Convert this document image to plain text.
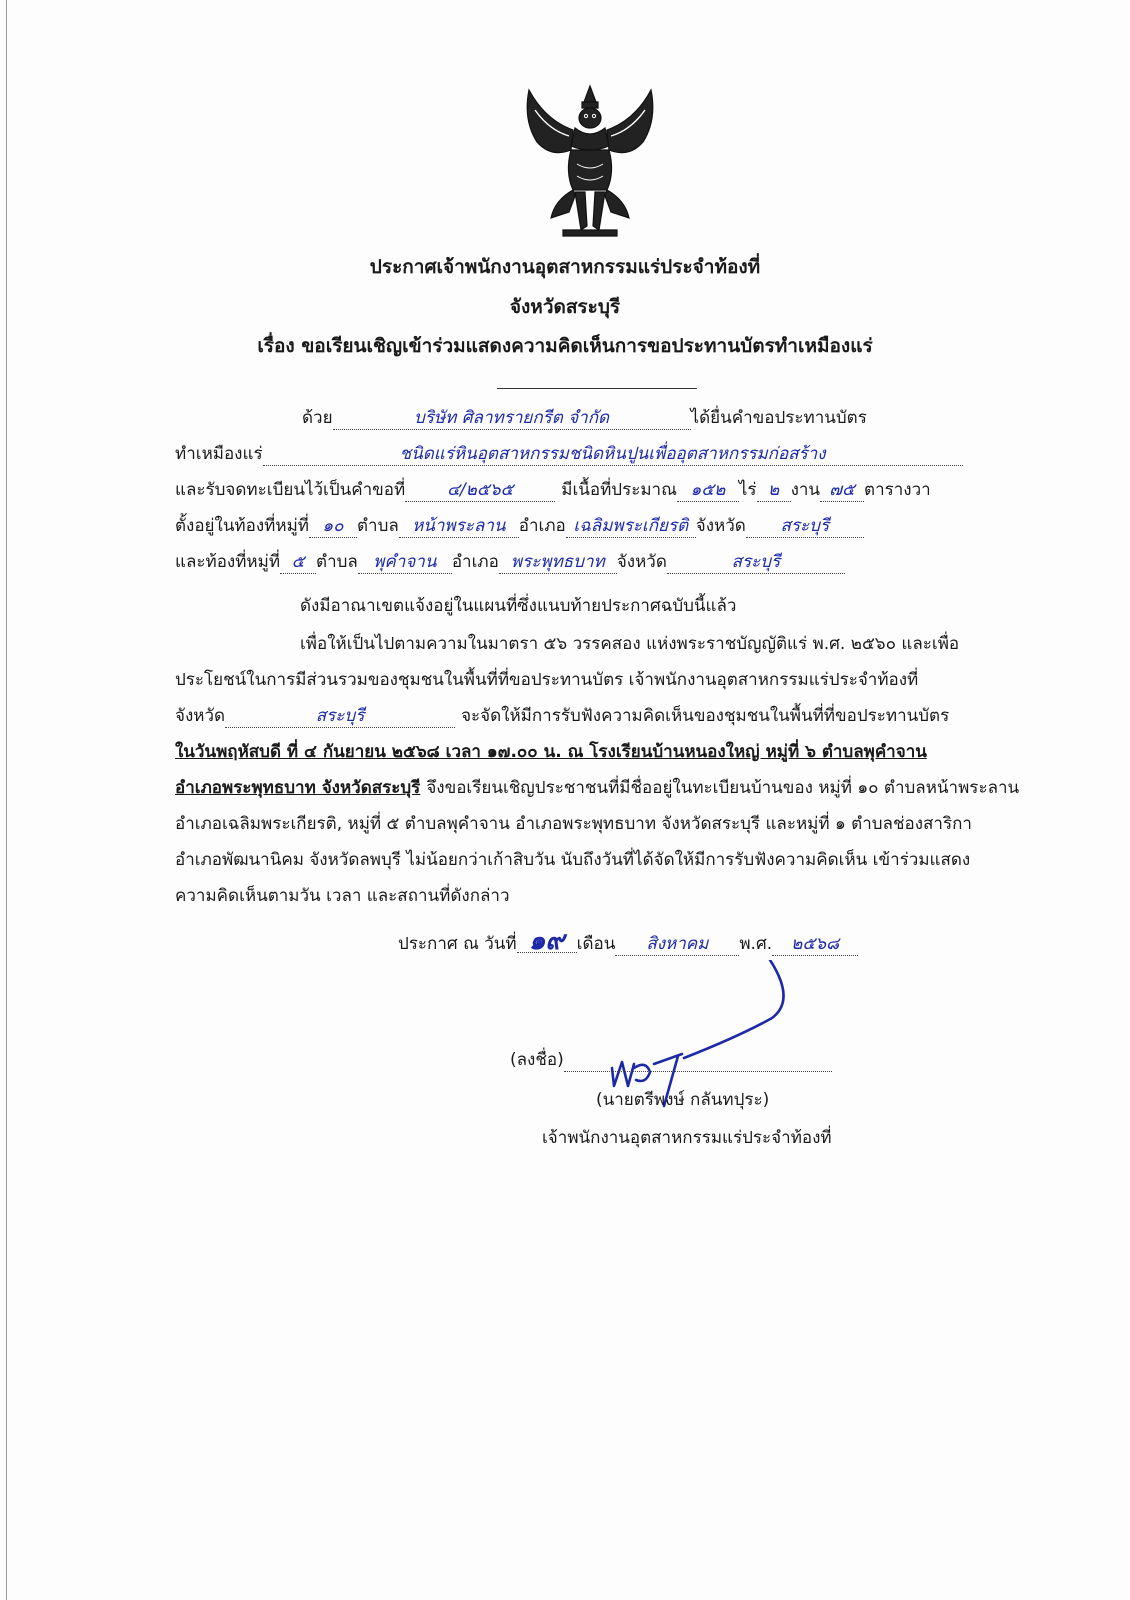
ประกาศเจ้าพนักงานอุตสาหกรรมแร่ประจำท้องที่
จังหวัดสระบุรี
เรื่อง ขอเรียนเชิญเข้าร่วมแสดงความคิดเห็นการขอประทานบัตรทำเหมืองแร่
ด้วย	บริษัท ศิลาทรายกรีต จำกัด	ได้ยื่นคำขอประทานบัตร
ทำเหมืองแร่	ชนิดแร่หินอุตสาหกรรมชนิดหินปูนเพื่ออุตสาหกรรมก่อสร้าง
และรับจดทะเบียนไว้เป็นคำขอที่ ๔/๒๕๖๕	มีเนื้อที่ประมาณ ๑๕๒ ไร่ ๒ งาน ๗๕ ตารางวา
ตั้งอยู่ในท้องที่หมู่ที่ ๑๐ ตำบล หน้าพระลาน อำเภอ เฉลิมพระเกียรติ จังหวัด สระบุรี
และท้องที่หมู่ที่ ๕ ตำบล พุคำจาน อำเภอ พระพุทธบาท จังหวัด	สระบุรี
ดังมีอาณาเขตแจ้งอยู่ในแผนที่ซึ่งแนบท้ายประกาศฉบับนี้แล้ว
เพื่อให้เป็นไปตามความในมาตรา ๕๖ วรรคสอง แห่งพระราชบัญญัติแร่ พ.ศ. ๒๕๖๐ และเพื่อ
ประโยชน์ในการมีส่วนรวมของชุมชนในพื้นที่ที่ขอประทานบัตร เจ้าพนักงานอุตสาหกรรมแร่ประจำท้องที่
จังหวัด	สระบุรี	จะจัดให้มีการรับฟังความคิดเห็นของชุมชนในพื้นที่ที่ขอประทานบัตร
ในวันพฤหัสบดี ที่ ๔ กันยายน ๒๕๖๘ เวลา ๑๗.๐๐ น. ณ โรงเรียนบ้านหนองใหญ่ หมู่ที่ ๖ ตำบลพุคำจาน
อำเภอพระพุทธบาท จังหวัดสระบุรี จึงขอเรียนเชิญประชาชนที่มีชื่ออยู่ในทะเบียนบ้านของ หมู่ที่ ๑๐ ตำบลหน้าพระลาน
อำเภอเฉลิมพระเกียรติ, หมู่ที่ ๕ ตำบลพุคำจาน อำเภอพระพุทธบาท จังหวัดสระบุรี และหมู่ที่ ๑ ตำบลช่องสาริกา
อำเภอพัฒนานิคม จังหวัดลพบุรี ไม่น้อยกว่าเก้าสิบวัน นับถึงวันที่ได้จัดให้มีการรับฟังความคิดเห็น เข้าร่วมแสดง
ความคิดเห็นตามวัน เวลา และสถานที่ดังกล่าว
ประกาศ ณ วันที่ ๑๙ เดือน สิงหาคม พ.ศ. ๒๕๖๘
(ลงชื่อ)
(นายตรีพงษ์ กลันทปุระ)
เจ้าพนักงานอุตสาหกรรมแร่ประจำท้องที่
